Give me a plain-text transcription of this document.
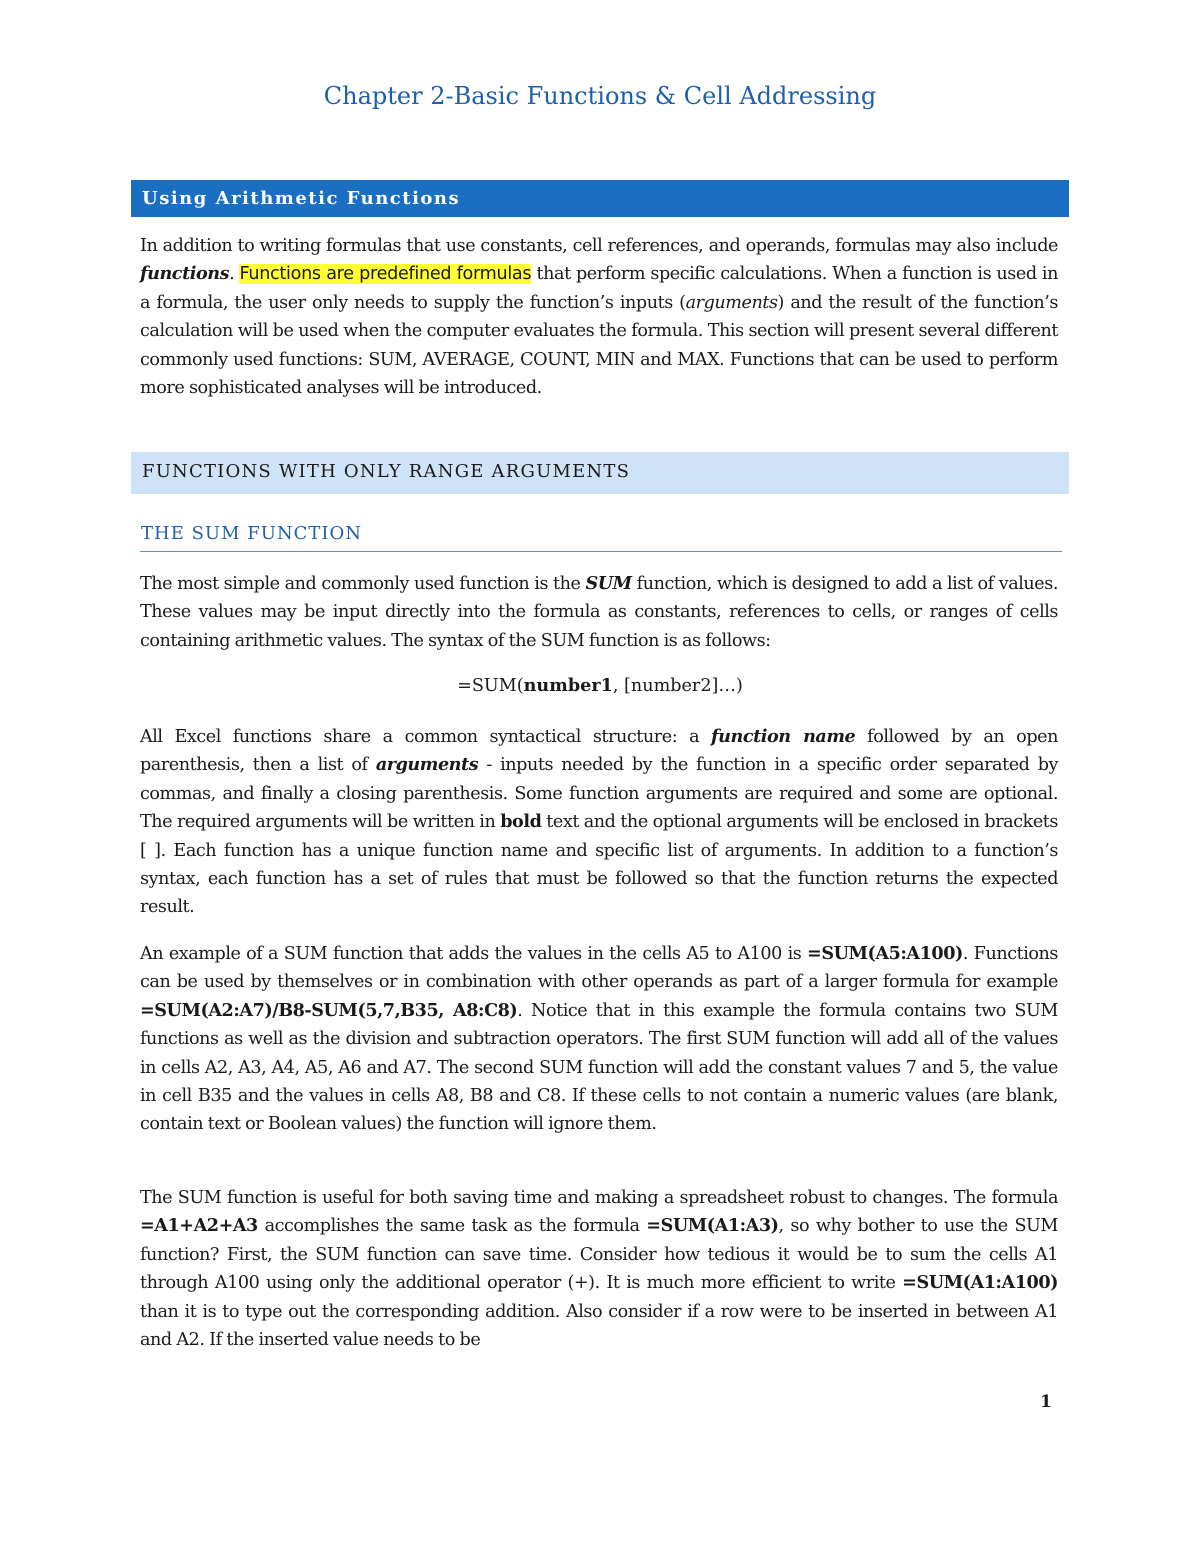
Chapter 2-Basic Functions & Cell Addressing
Using Arithmetic Functions

In addition to writing formulas that use constants, cell references, and operands, formulas may also include functions. Functions are predefined formulas that perform specific calculations. When a function is used in a formula, the user only needs to supply the function’s inputs (arguments) and the result of the function’s calculation will be used when the computer evaluates the formula. This section will present several different commonly used functions: SUM, AVERAGE, COUNT, MIN and MAX. Functions that can be used to perform more sophisticated analyses will be introduced.

FUNCTIONS WITH ONLY RANGE ARGUMENTS
THE SUM FUNCTION

The most simple and commonly used function is the SUM function, which is designed to add a list of values. These values may be input directly into the formula as constants, references to cells, or ranges of cells containing arithmetic values. The syntax of the SUM function is as follows:

=SUM(number1, [number2]…)

All Excel functions share a common syntactical structure: a function name followed by an open parenthesis, then a list of arguments - inputs needed by the function in a specific order separated by commas, and finally a closing parenthesis. Some function arguments are required and some are optional. The required arguments will be written in bold text and the optional arguments will be enclosed in brackets [ ]. Each function has a unique function name and specific list of arguments. In addition to a function’s syntax, each function has a set of rules that must be followed so that the function returns the expected result.

An example of a SUM function that adds the values in the cells A5 to A100 is =SUM(A5:A100). Functions can be used by themselves or in combination with other operands as part of a larger formula for example =SUM(A2:A7)/B8-SUM(5,7,B35, A8:C8). Notice that in this example the formula contains two SUM functions as well as the division and subtraction operators. The first SUM function will add all of the values in cells A2, A3, A4, A5, A6 and A7. The second SUM function will add the constant values 7 and 5, the value in cell B35 and the values in cells A8, B8 and C8. If these cells to not contain a numeric values (are blank, contain text or Boolean values) the function will ignore them.

The SUM function is useful for both saving time and making a spreadsheet robust to changes. The formula =A1+A2+A3 accomplishes the same task as the formula =SUM(A1:A3), so why bother to use the SUM function? First, the SUM function can save time. Consider how tedious it would be to sum the cells A1 through A100 using only the additional operator (+). It is much more efficient to write =SUM(A1:A100) than it is to type out the corresponding addition. Also consider if a row were to be inserted in between A1 and A2. If the inserted value needs to be

1
